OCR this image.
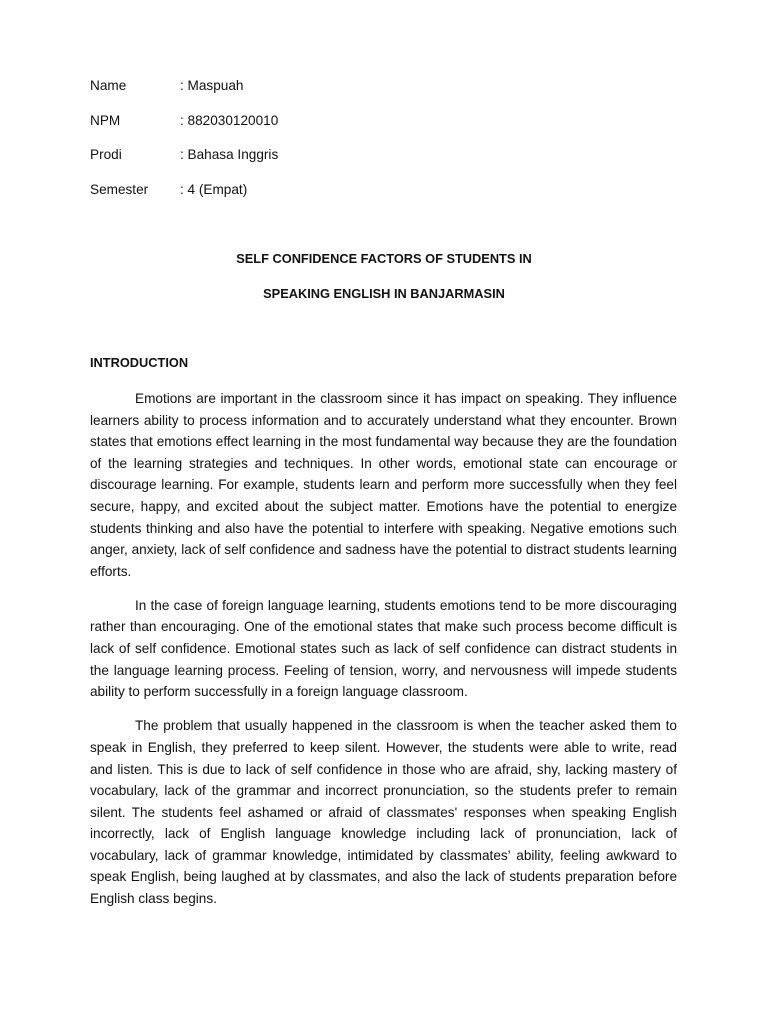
Name	: Maspuah
NPM	: 882030120010
Prodi	: Bahasa Inggris
Semester : 4 (Empat)
SELF CONFIDENCE FACTORS OF STUDENTS IN
SPEAKING ENGLISH IN BANJARMASIN
INTRODUCTION

Emotions are important in the classroom since it has impact on speaking. They influence learners ability to process information and to accurately understand what they encounter. Brown states that emotions effect learning in the most fundamental way because they are the foundation of the learning strategies and techniques. In other words, emotional state can encourage or discourage learning. For example, students learn and perform more successfully when they feel secure, happy, and excited about the subject matter. Emotions have the potential to energize students thinking and also have the potential to interfere with speaking. Negative emotions such anger, anxiety, lack of self confidence and sadness have the potential to distract students learning efforts.

In the case of foreign language learning, students emotions tend to be more discouraging rather than encouraging. One of the emotional states that make such process become difficult is lack of self confidence. Emotional states such as lack of self confidence can distract students in the language learning process. Feeling of tension, worry, and nervousness will impede students ability to perform successfully in a foreign language classroom.

The problem that usually happened in the classroom is when the teacher asked them to speak in English, they preferred to keep silent. However, the students were able to write, read and listen. This is due to lack of self confidence in those who are afraid, shy, lacking mastery of vocabulary, lack of the grammar and incorrect pronunciation, so the students prefer to remain silent. The students feel ashamed or afraid of classmates' responses when speaking English incorrectly, lack of English language knowledge including lack of pronunciation, lack of vocabulary, lack of grammar knowledge, intimidated by classmates’ ability, feeling awkward to speak English, being laughed at by classmates, and also the lack of students preparation before English class begins.
